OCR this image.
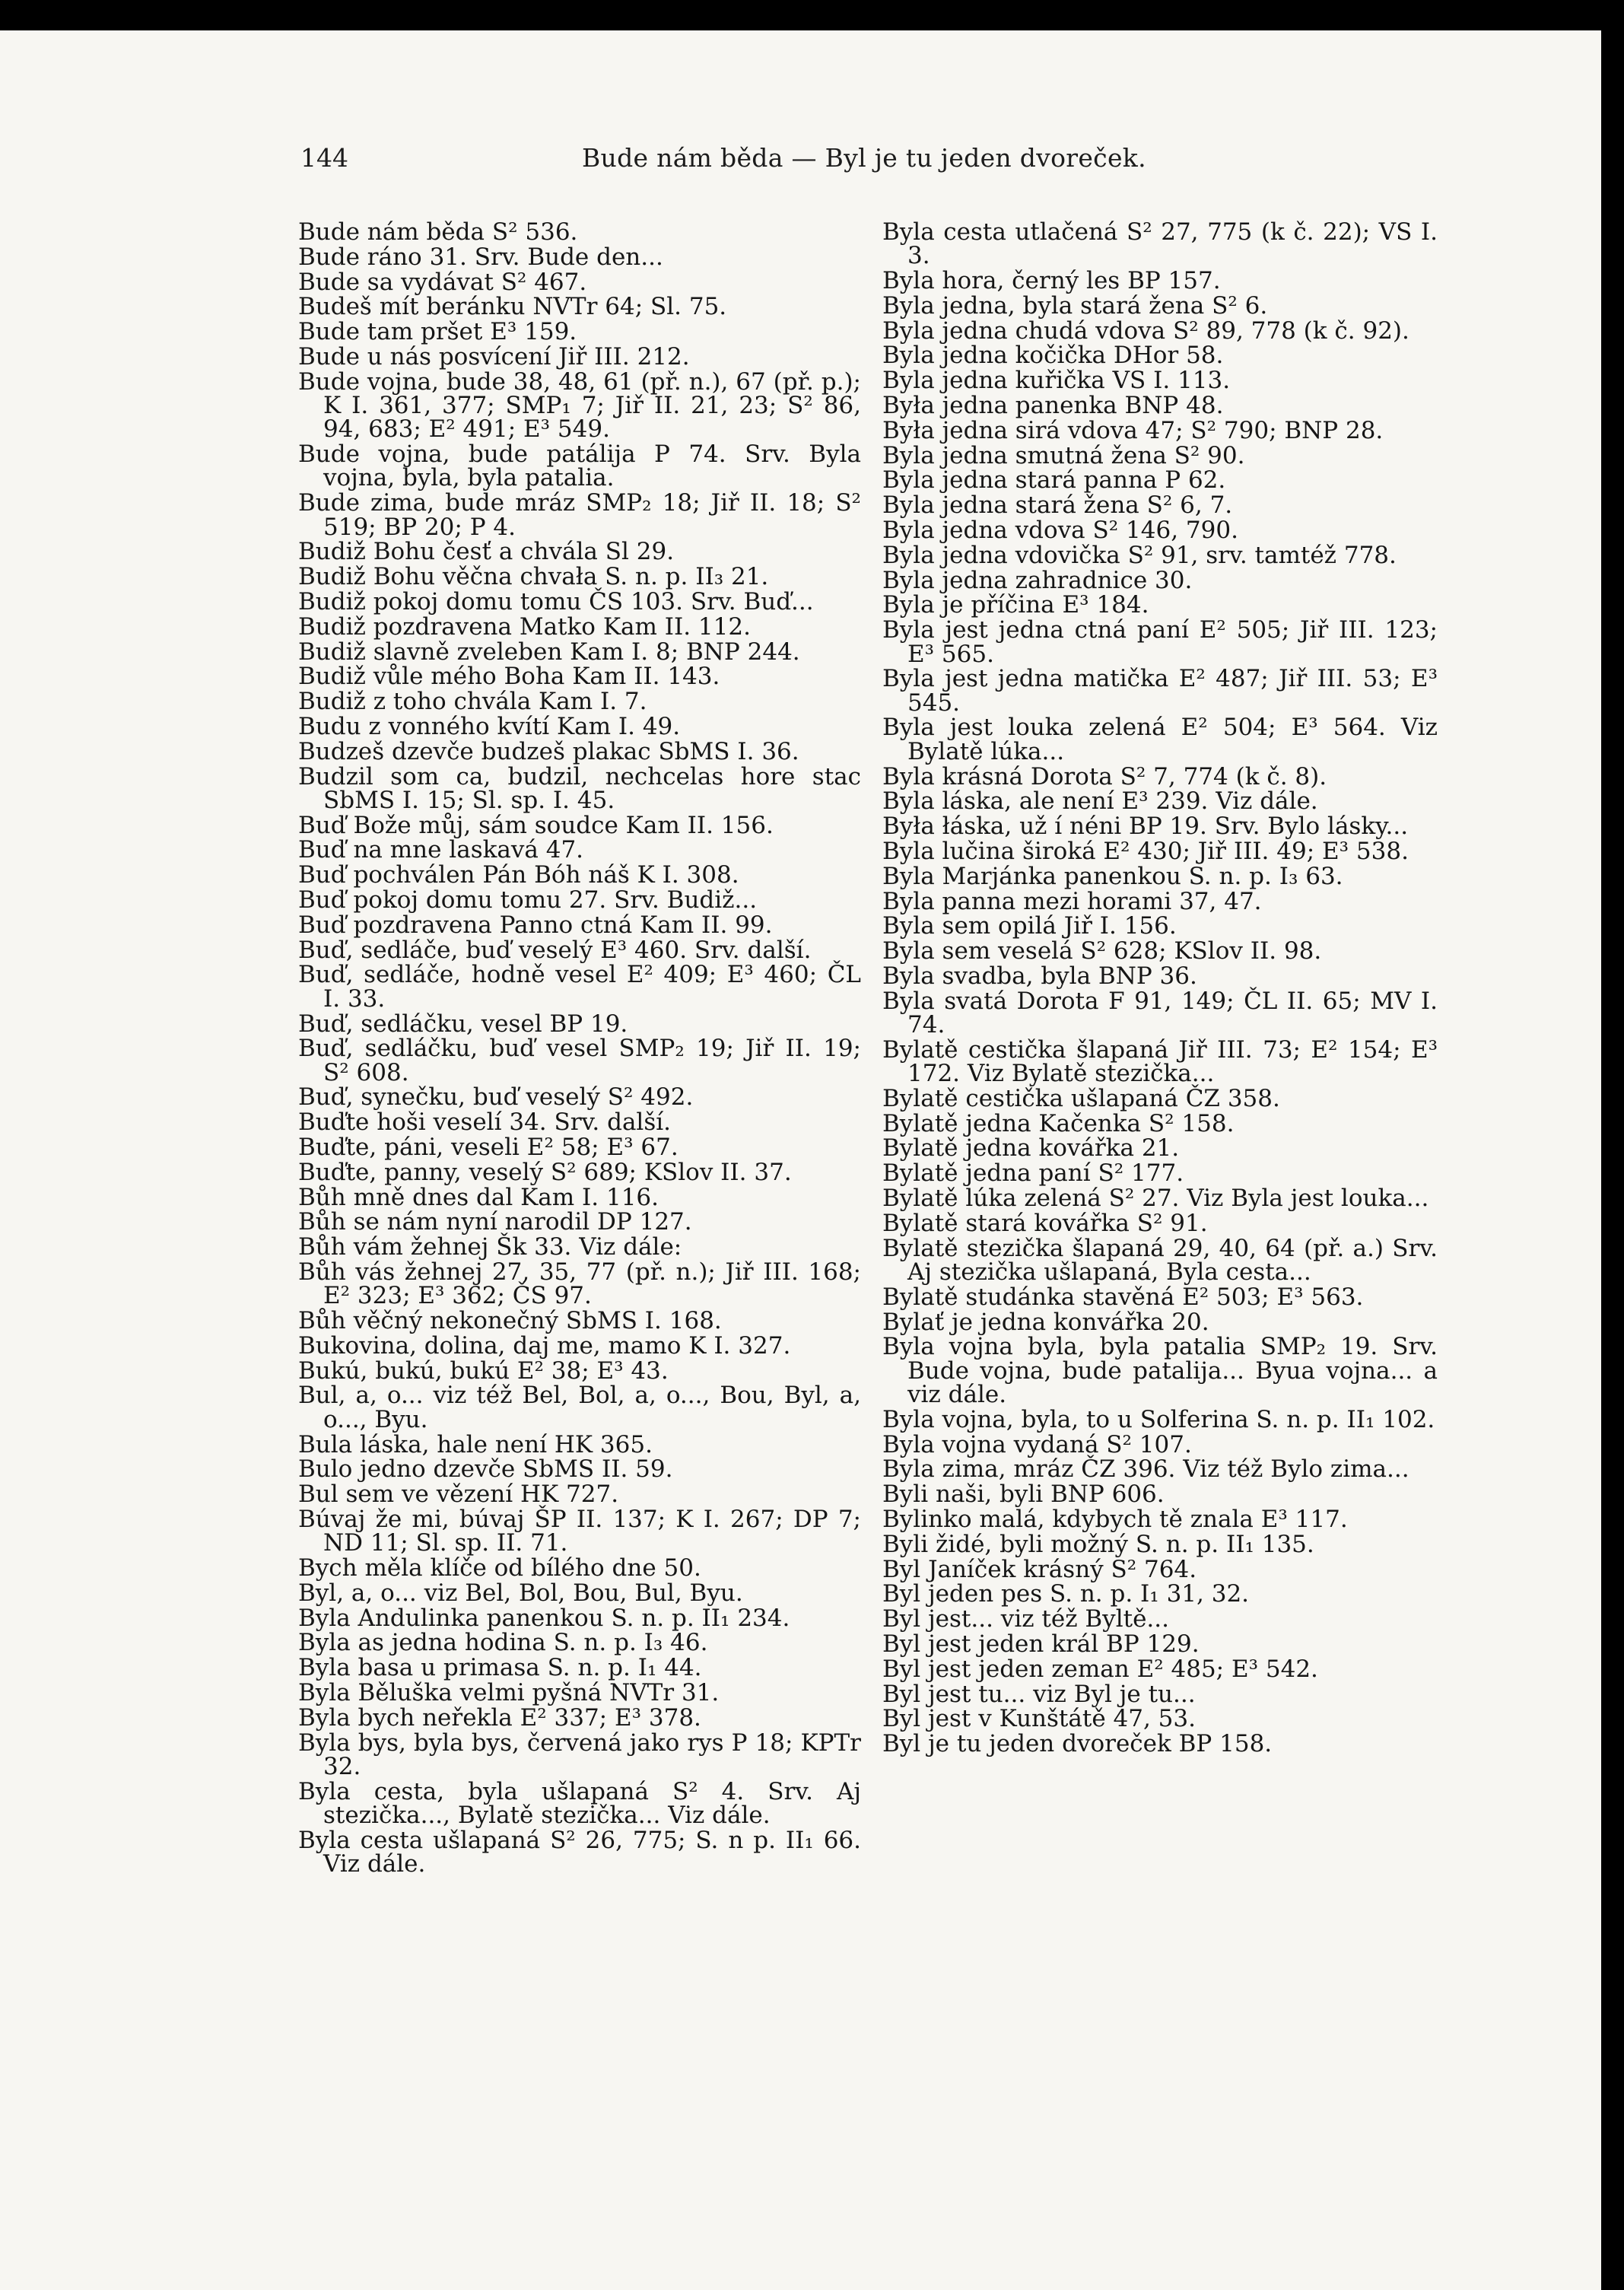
144	Bude nám běda — Byl je tu jeden dvoreček.

Bude nám běda S² 536.

Bude ráno 31. Srv. Bude den...

Bude sa vydávat S² 467.

Budeš mít beránku NVTr 64; Sl. 75.

Bude tam pršet E³ 159.

Bude u nás posvícení Jiř III. 212.

Bude vojna, bude 38, 48, 61 (př. n.), 67 (př. p.); K I. 361, 377; SMP₁ 7; Jiř II. 21, 23; S² 86, 94, 683; E² 491; E³ 549.

Bude vojna, bude patálija P 74. Srv. Byla vojna, byla, byla patalia.

Bude zima, bude mráz SMP₂ 18; Jiř II. 18; S² 519; BP 20; P 4.

Budiž Bohu česť a chvála Sl 29.

Budiž Bohu věčna chvała S. n. p. II₃ 21.

Budiž pokoj domu tomu ČS 103. Srv. Buď...

Budiž pozdravena Matko Kam II. 112.

Budiž slavně zveleben Kam I. 8; BNP 244.

Budiž vůle mého Boha Kam II. 143.

Budiž z toho chvála Kam I. 7.

Budu z vonného kvítí Kam I. 49.

Budzeš dzevče budzeš plakac SbMS I. 36.

Budzil som ca, budzil, nechcelas hore stac SbMS I. 15; Sl. sp. I. 45.

Buď Bože můj, sám soudce Kam II. 156.

Buď na mne laskavá 47.

Buď pochválen Pán Bóh náš K I. 308.

Buď pokoj domu tomu 27. Srv. Budiž...

Buď pozdravena Panno ctná Kam II. 99.

Buď, sedláče, buď veselý E³ 460. Srv. další.

Buď, sedláče, hodně vesel E² 409; E³ 460; ČL I. 33.

Buď, sedláčku, vesel BP 19.

Buď, sedláčku, buď vesel SMP₂ 19; Jiř II. 19; S² 608.

Buď, synečku, buď veselý S² 492.

Buďte hoši veselí 34. Srv. další.

Buďte, páni, veseli E² 58; E³ 67.

Buďte, panny, veselý S² 689; KSlov II. 37.

Bůh mně dnes dal Kam I. 116.

Bůh se nám nyní narodil DP 127.

Bůh vám žehnej Šk 33. Viz dále:

Bůh vás žehnej 27, 35, 77 (př. n.); Jiř III. 168; E² 323; E³ 362; ČS 97.

Bůh věčný nekonečný SbMS I. 168.

Bukovina, dolina, daj me, mamo K I. 327.

Bukú, bukú, bukú E² 38; E³ 43.

Bul, a, o... viz též Bel, Bol, a, o..., Bou, Byl, a, o..., Byu.

Bula láska, hale není HK 365.

Bulo jedno dzevče SbMS II. 59.

Bul sem ve vězení HK 727.

Búvaj že mi, búvaj ŠP II. 137; K I. 267; DP 7; ND 11; Sl. sp. II. 71.

Bych měla klíče od bílého dne 50.

Byl, a, o... viz Bel, Bol, Bou, Bul, Byu.

Byla Andulinka panenkou S. n. p. II₁ 234.

Byla as jedna hodina S. n. p. I₃ 46.

Byla basa u primasa S. n. p. I₁ 44.

Byla Běluška velmi pyšná NVTr 31.

Byla bych neřekla E² 337; E³ 378.

Byla bys, byla bys, červená jako rys P 18; KPTr 32.

Byla cesta, byla ušlapaná S² 4. Srv. Aj stezička..., Bylatě stezička... Viz dále.

Byla cesta ušlapaná S² 26, 775; S. n p. II₁ 66. Viz dále.

Byla cesta utlačená S² 27, 775 (k č. 22); VS I. 3.

Byla hora, černý les BP 157.

Byla jedna, byla stará žena S² 6.

Byla jedna chudá vdova S² 89, 778 (k č. 92).

Byla jedna kočička DHor 58.

Byla jedna kuřička VS I. 113.

Była jedna panenka BNP 48.

Była jedna sirá vdova 47; S² 790; BNP 28.

Byla jedna smutná žena S² 90.

Byla jedna stará panna P 62.

Byla jedna stará žena S² 6, 7.

Byla jedna vdova S² 146, 790.

Byla jedna vdovička S² 91, srv. tamtéž 778.

Byla jedna zahradnice 30.

Byla je příčina E³ 184.

Byla jest jedna ctná paní E² 505; Jiř III. 123; E³ 565.

Byla jest jedna matička E² 487; Jiř III. 53; E³ 545.

Byla jest louka zelená E² 504; E³ 564. Viz Bylatě lúka...

Byla krásná Dorota S² 7, 774 (k č. 8).

Byla láska, ale není E³ 239. Viz dále.

Była łáska, už í néni BP 19. Srv. Bylo lásky...

Byla lučina široká E² 430; Jiř III. 49; E³ 538.

Byla Marjánka panenkou S. n. p. I₃ 63.

Byla panna mezi horami 37, 47.

Byla sem opilá Jiř I. 156.

Byla sem veselá S² 628; KSlov II. 98.

Byla svadba, byla BNP 36.

Byla svatá Dorota F 91, 149; ČL II. 65; MV I. 74.

Bylatě cestička šlapaná Jiř III. 73; E² 154; E³ 172. Viz Bylatě stezička...

Bylatě cestička ušlapaná ČZ 358.

Bylatě jedna Kačenka S² 158.

Bylatě jedna kovářka 21.

Bylatě jedna paní S² 177.

Bylatě lúka zelená S² 27. Viz Byla jest louka...

Bylatě stará kovářka S² 91.

Bylatě stezička šlapaná 29, 40, 64 (př. a.) Srv. Aj stezička ušlapaná, Byla cesta...

Bylatě studánka stavěná E² 503; E³ 563.

Bylať je jedna konvářka 20.

Byla vojna byla, byla patalia SMP₂ 19. Srv. Bude vojna, bude patalija... Byua vojna... a viz dále.

Byla vojna, byla, to u Solferina S. n. p. II₁ 102.

Byla vojna vydaná S² 107.

Byla zima, mráz ČZ 396. Viz též Bylo zima...

Byli naši, byli BNP 606.

Bylinko malá, kdybych tě znala E³ 117.

Byli židé, byli možný S. n. p. II₁ 135.

Byl Janíček krásný S² 764.

Byl jeden pes S. n. p. I₁ 31, 32.

Byl jest... viz též Byltě...

Byl jest jeden král BP 129.

Byl jest jeden zeman E² 485; E³ 542.

Byl jest tu... viz Byl je tu...

Byl jest v Kunštátě 47, 53.

Byl je tu jeden dvoreček BP 158.
